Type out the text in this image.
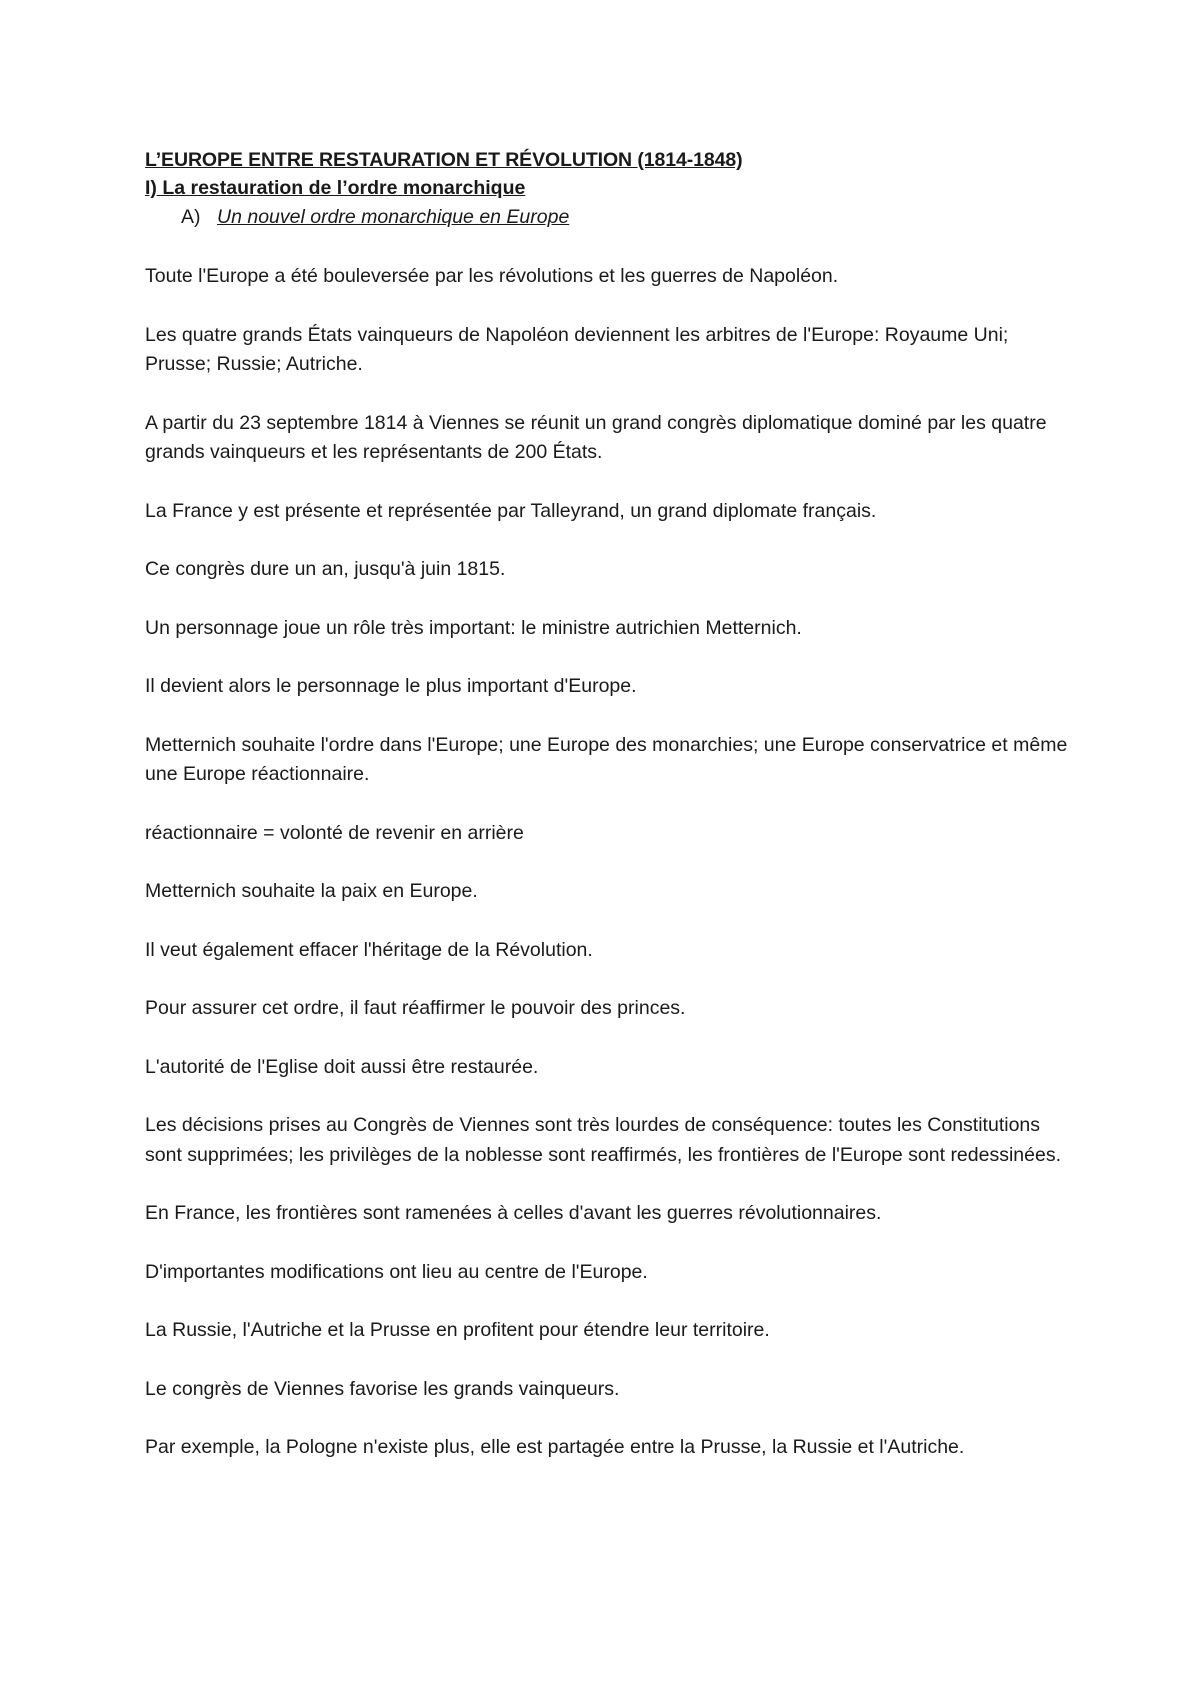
L’EUROPE ENTRE RESTAURATION ET RÉVOLUTION (1814-1848)
I) La restauration de l’ordre monarchique
A) Un nouvel ordre monarchique en Europe

Toute l'Europe a été bouleversée par les révolutions et les guerres de Napoléon.

Les quatre grands États vainqueurs de Napoléon deviennent les arbitres de l'Europe: Royaume Uni; Prusse; Russie; Autriche.

A partir du 23 septembre 1814 à Viennes se réunit un grand congrès diplomatique dominé par les quatre grands vainqueurs et les représentants de 200 États.

La France y est présente et représentée par Talleyrand, un grand diplomate français.

Ce congrès dure un an, jusqu'à juin 1815.

Un personnage joue un rôle très important: le ministre autrichien Metternich.

Il devient alors le personnage le plus important d'Europe.

Metternich souhaite l'ordre dans l'Europe; une Europe des monarchies; une Europe conservatrice et même une Europe réactionnaire.

réactionnaire = volonté de revenir en arrière

Metternich souhaite la paix en Europe.

Il veut également effacer l'héritage de la Révolution.

Pour assurer cet ordre, il faut réaffirmer le pouvoir des princes.

L'autorité de l'Eglise doit aussi être restaurée.

Les décisions prises au Congrès de Viennes sont très lourdes de conséquence: toutes les Constitutions sont supprimées; les privilèges de la noblesse sont reaffirmés, les frontières de l'Europe sont redessinées.

En France, les frontières sont ramenées à celles d'avant les guerres révolutionnaires.

D'importantes modifications ont lieu au centre de l'Europe.

La Russie, l'Autriche et la Prusse en profitent pour étendre leur territoire.

Le congrès de Viennes favorise les grands vainqueurs.

Par exemple, la Pologne n'existe plus, elle est partagée entre la Prusse, la Russie et l'Autriche.
